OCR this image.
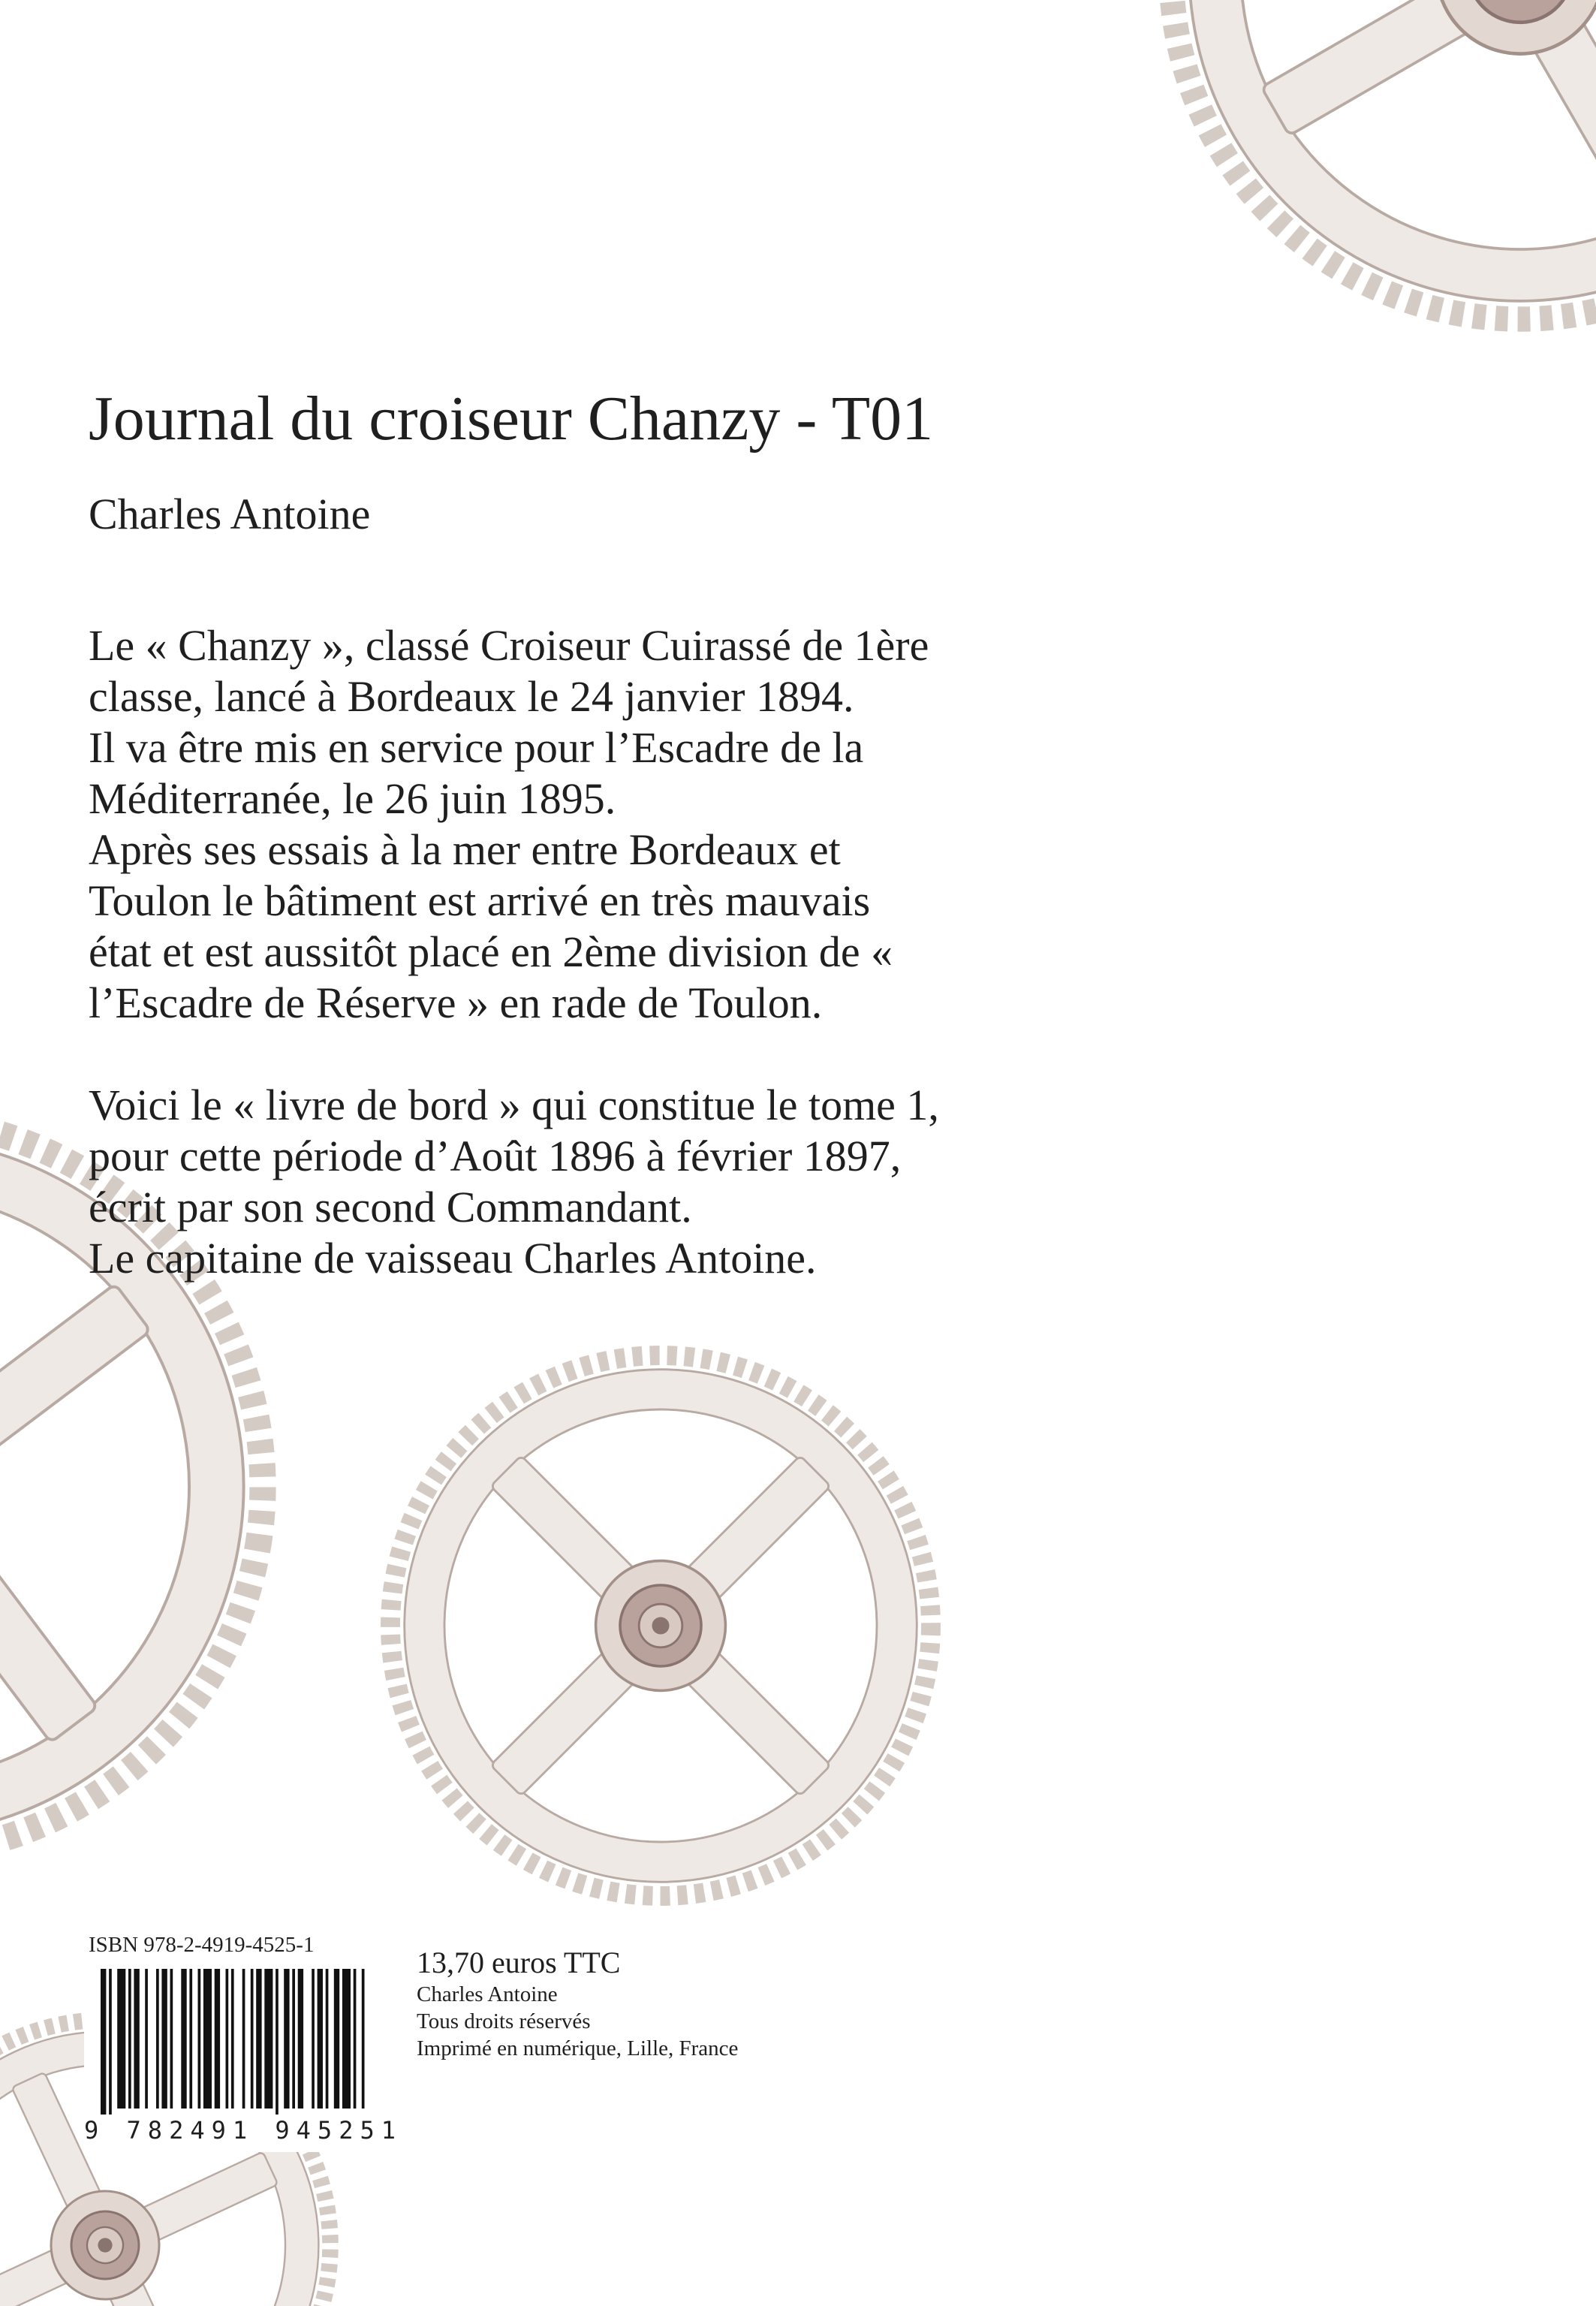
Journal du croiseur Chanzy - T01
Charles Antoine

Le « Chanzy », classé Croiseur Cuirassé de 1ère
classe, lancé à Bordeaux le 24 janvier 1894.
Il va être mis en service pour l’Escadre de la
Méditerranée, le 26 juin 1895.
Après ses essais à la mer entre Bordeaux et
Toulon le bâtiment est arrivé en très mauvais
état et est aussitôt placé en 2ème division de «
l’Escadre de Réserve » en rade de Toulon.

Voici le « livre de bord » qui constitue le tome 1,
pour cette période d’Août 1896 à février 1897,
écrit par son second Commandant.
Le capitaine de vaisseau Charles Antoine.

ISBN 978-2-4919-4525-1
9 782491 945251
13,70 euros TTC
Charles Antoine
Tous droits réservés
Imprimé en numérique, Lille, France
